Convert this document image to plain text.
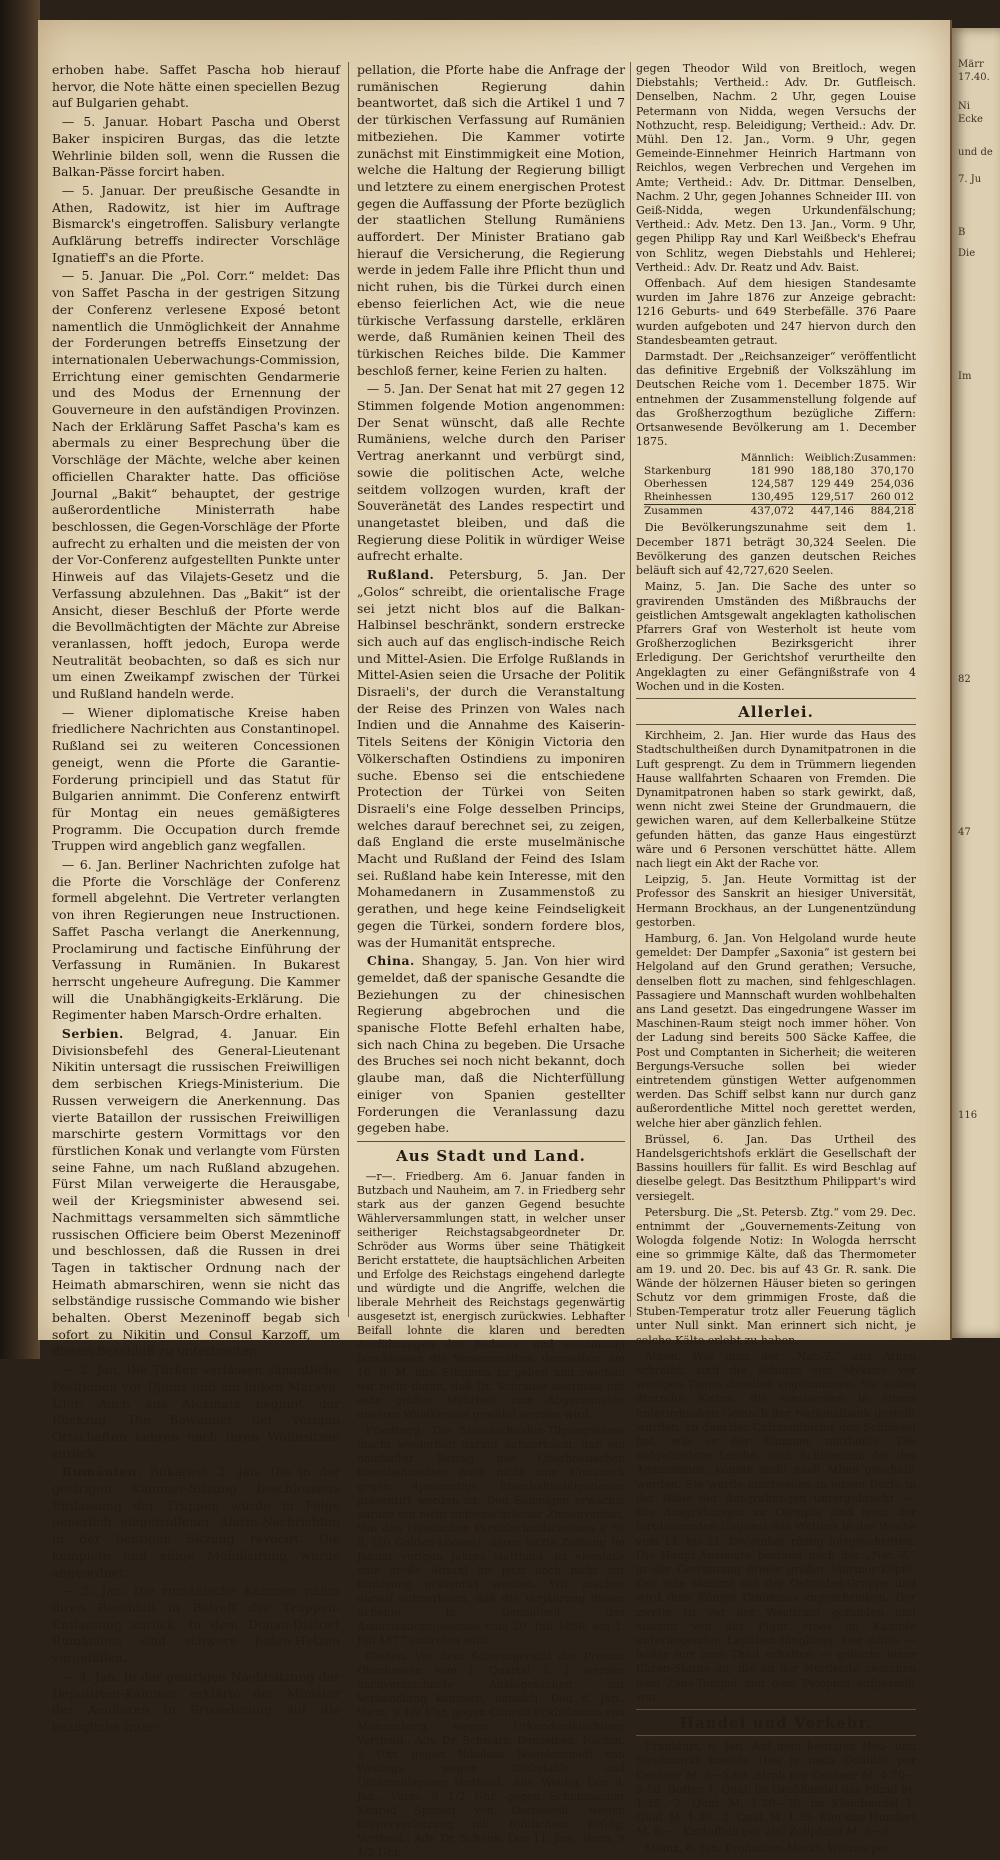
erhoben habe. Saffet Pascha hob hierauf hervor, die Note hätte einen speciellen Bezug auf Bulgarien gehabt.

— 5. Januar. Hobart Pascha und Oberst Baker inspiciren Burgas, das die letzte Wehrlinie bilden soll, wenn die Russen die Balkan-Pässe forcirt haben.

— 5. Januar. Der preußische Gesandte in Athen, Radowitz, ist hier im Auftrage Bismarck's eingetroffen. Salisbury verlangte Aufklärung betreffs indirecter Vorschläge Ignatieff's an die Pforte.

— 5. Januar. Die „Pol. Corr.“ meldet: Das von Saffet Pascha in der gestrigen Sitzung der Conferenz verlesene Exposé betont namentlich die Unmöglichkeit der Annahme der Forderungen betreffs Einsetzung der internationalen Ueberwachungs-Commission, Errichtung einer gemischten Gendarmerie und des Modus der Ernennung der Gouverneure in den aufständigen Provinzen. Nach der Erklärung Saffet Pascha's kam es abermals zu einer Besprechung über die Vorschläge der Mächte, welche aber keinen officiellen Charakter hatte. Das officiöse Journal „Bakit“ behauptet, der gestrige außerordentliche Ministerrath habe beschlossen, die Gegen-Vorschläge der Pforte aufrecht zu erhalten und die meisten der von der Vor-Conferenz aufgestellten Punkte unter Hinweis auf das Vilajets-Gesetz und die Verfassung abzulehnen. Das „Bakit“ ist der Ansicht, dieser Beschluß der Pforte werde die Bevollmächtigten der Mächte zur Abreise veranlassen, hofft jedoch, Europa werde Neutralität beobachten, so daß es sich nur um einen Zweikampf zwischen der Türkei und Rußland handeln werde.

— Wiener diplomatische Kreise haben friedlichere Nachrichten aus Constantinopel. Rußland sei zu weiteren Concessionen geneigt, wenn die Pforte die Garantie-Forderung principiell und das Statut für Bulgarien annimmt. Die Conferenz entwirft für Montag ein neues gemäßigteres Programm. Die Occupation durch fremde Truppen wird angeblich ganz wegfallen.

— 6. Jan. Berliner Nachrichten zufolge hat die Pforte die Vorschläge der Conferenz formell abgelehnt. Die Vertreter verlangten von ihren Regierungen neue Instructionen. Saffet Pascha verlangt die Anerkennung, Proclamirung und factische Einführung der Verfassung in Rumänien. In Bukarest herrscht ungeheure Aufregung. Die Kammer will die Unabhängigkeits-Erklärung. Die Regimenter haben Marsch-Ordre erhalten.

Serbien. Belgrad, 4. Januar. Ein Divisionsbefehl des General-Lieutenant Nikitin untersagt die russischen Freiwilligen dem serbischen Kriegs-Ministerium. Die Russen verweigern die Anerkennung. Das vierte Bataillon der russischen Freiwilligen marschirte gestern Vormittags vor den fürstlichen Konak und verlangte vom Fürsten seine Fahne, um nach Rußland abzugehen. Fürst Milan verweigerte die Herausgabe, weil der Kriegsminister abwesend sei. Nachmittags versammelten sich sämmtliche russischen Officiere beim Oberst Mezeninoff und beschlossen, daß die Russen in drei Tagen in taktischer Ordnung nach der Heimath abmarschiren, wenn sie nicht das selbständige russische Commando wie bisher behalten. Oberst Mezeninoff begab sich sofort zu Nikitin und Consul Karzoff, um diesen Beschluß zu unterbreiten.

— 2. Jan. Die Türken verlassen sämmtliche Positionen vor Djunis und am linken Marava-Ufer. Auch aus Alexinatz beginnt der Rückzug. Die Bewohner der vorigen Ortschaften kehren nach ihren Wohnsitzen zurück.

Rumänien. Bukarest, 2. Jan. Die in der gestrigen Kammer-Sitzung beschlossene Entlassung der Truppen wurde in Folge neuerlich eingetroffener Alarm-Nachrichten in der heutigen Sitzung revocirt. Die komplete und eilige Mobilisirung wurde angeordnet.

— 3. Jan. Die rumänische Kammer nahm ihren Beschluß in Betreff der Truppen-Entlassung zurück. In dem Donau-District Rumäniens sind schwere Juden-Hetzen vorgefallen.

— 4. Jan. In der gestrigen Nachtsitzung der Deputirten-Kammer erklärte der Minister des Aeußeren in Erwiederung auf die bezügliche Inter-

pellation, die Pforte habe die Anfrage der rumänischen Regierung dahin beantwortet, daß sich die Artikel 1 und 7 der türkischen Verfassung auf Rumänien mitbeziehen. Die Kammer votirte zunächst mit Einstimmigkeit eine Motion, welche die Haltung der Regierung billigt und letztere zu einem energischen Protest gegen die Auffassung der Pforte bezüglich der staatlichen Stellung Rumäniens auffordert. Der Minister Bratiano gab hierauf die Versicherung, die Regierung werde in jedem Falle ihre Pflicht thun und nicht ruhen, bis die Türkei durch einen ebenso feierlichen Act, wie die neue türkische Verfassung darstelle, erklären werde, daß Rumänien keinen Theil des türkischen Reiches bilde. Die Kammer beschloß ferner, keine Ferien zu halten.

— 5. Jan. Der Senat hat mit 27 gegen 12 Stimmen folgende Motion angenommen: Der Senat wünscht, daß alle Rechte Rumäniens, welche durch den Pariser Vertrag anerkannt und verbürgt sind, sowie die politischen Acte, welche seitdem vollzogen wurden, kraft der Souveränetät des Landes respectirt und unangetastet bleiben, und daß die Regierung diese Politik in würdiger Weise aufrecht erhalte.

Rußland. Petersburg, 5. Jan. Der „Golos“ schreibt, die orientalische Frage sei jetzt nicht blos auf die Balkan-Halbinsel beschränkt, sondern erstrecke sich auch auf das englisch-indische Reich und Mittel-Asien. Die Erfolge Rußlands in Mittel-Asien seien die Ursache der Politik Disraeli's, der durch die Veranstaltung der Reise des Prinzen von Wales nach Indien und die Annahme des Kaiserin-Titels Seitens der Königin Victoria den Völkerschaften Ostindiens zu imponiren suche. Ebenso sei die entschiedene Protection der Türkei von Seiten Disraeli's eine Folge desselben Princips, welches darauf berechnet sei, zu zeigen, daß England die erste muselmänische Macht und Rußland der Feind des Islam sei. Rußland habe kein Interesse, mit den Mohamedanern in Zusammenstoß zu gerathen, und hege keine Feindseligkeit gegen die Türkei, sondern fordere blos, was der Humanität entspreche.

China. Shangay, 5. Jan. Von hier wird gemeldet, daß der spanische Gesandte die Beziehungen zu der chinesischen Regierung abgebrochen und die spanische Flotte Befehl erhalten habe, sich nach China zu begeben. Die Ursache des Bruches sei noch nicht bekannt, doch glaube man, daß die Nichterfüllung einiger von Spanien gestellter Forderungen die Veranlassung dazu gegeben habe.

Aus Stadt und Land.

—r—. Friedberg. Am 6. Januar fanden in Butzbach und Nauheim, am 7. in Friedberg sehr stark aus der ganzen Gegend besuchte Wählerversammlungen statt, in welcher unser seitheriger Reichstagsabgeordneter Dr. Schröder aus Worms über seine Thätigkeit Bericht erstattete, die hauptsächlichen Arbeiten und Erfolge des Reichstags eingehend darlegte und würdigte und die Angriffe, welchen die liberale Mehrheit des Reichstags gegenwärtig ausgesetzt ist, energisch zurückwies. Lebhafter Beifall lohnte die klaren und beredten Ausführungen des Redners, und einstimmig beschlossen die Versammelten, demselben am 10. d. M. ihre Stimmen zu geben und zweifeln wir nicht daran, daß Dr. Schröder abermals mit sehr großer Mehrheit zum Abgeordneten unseres Wahlkreises gewählt werden wird.

Friedberg. Die Staatsschulden-Tilgungskasse macht wiederholt darauf aufmerksam, daß ein namhafter Betrag der Oberhessischen Eisenbahnactien noch nicht zum Umtausch gegen 4procentige Eisenbahnobligationen präsentirt worden ist. Den Säumigen erwächst daraus ein nicht unbeträchtlicher Zinsenverlust. Von den Hessischen Partialschuldscheinen à 50 fl. (50 Gulden-Loosen), deren letzte Ziehung im Januar vorigen Jahres stattfand, ist ebenfalls eine große Anzahl bis jetzt noch nicht zur Einlösung präsentirt worden. Wir machen darauf aufmerksam, daß die Verjährung dieser Scheine in Gemäßheit des Amortisationsgesetzes vom 20. Juli 1858, am 1. Juli 1877 eintreten wird.

Gießen. Vor dem Schwurgericht der Provinz Oberhessen vom I. Quartal 1. J. werden nachverzeichnete Anklagesachen zur Verhandlung kommen, nämlich: Den 8. Jan., Vorm. 9 1/2 Uhr, gegen Conrad Eckhelmann von Münzenberg, wegen Urkundenfälschung; Vertheid.: Adv. Dr. Schwarz. Denselben, Nachm. 2 Uhr, gegen Nikolaus Nagelschmidt von Wenings, wegen Diebstahls und Unterschlagung; Vertheid.: Adv. Weidig. Den 9. Jan., Vorm. 9 1/2 Uhr, gegen Schuhmacher Konrad Spamer von Dortelweil, wegen Körperverletzung mit tödtlichem Erfolg; Vertheid.: Adv. Dr. Scheim. Den 11. Jan., Vorm. 9 1/2 Uhr,

gegen Theodor Wild von Breitloch, wegen Diebstahls; Vertheid.: Adv. Dr. Gutfleisch. Denselben, Nachm. 2 Uhr, gegen Louise Petermann von Nidda, wegen Versuchs der Nothzucht, resp. Beleidigung; Vertheid.: Adv. Dr. Mühl. Den 12. Jan., Vorm. 9 Uhr, gegen Gemeinde-Einnehmer Heinrich Hartmann von Reichlos, wegen Verbrechen und Vergehen im Amte; Vertheid.: Adv. Dr. Dittmar. Denselben, Nachm. 2 Uhr, gegen Johannes Schneider III. von Geiß-Nidda, wegen Urkundenfälschung; Vertheid.: Adv. Metz. Den 13. Jan., Vorm. 9 Uhr, gegen Philipp Ray und Karl Weißbeck's Ehefrau von Schlitz, wegen Diebstahls und Hehlerei; Vertheid.: Adv. Dr. Reatz und Adv. Baist.

Offenbach. Auf dem hiesigen Standesamte wurden im Jahre 1876 zur Anzeige gebracht: 1216 Geburts- und 649 Sterbefälle. 376 Paare wurden aufgeboten und 247 hiervon durch den Standesbeamten getraut.

Darmstadt. Der „Reichsanzeiger“ veröffentlicht das definitive Ergebniß der Volkszählung im Deutschen Reiche vom 1. December 1875. Wir entnehmen der Zusammenstellung folgende auf das Großherzogthum bezügliche Ziffern: Ortsanwesende Bevölkerung am 1. December 1875.

Männlich:	Weiblich: Zusammen:
Starkenburg	181 990	188,180	370,170
Oberhessen	124,587	129 449	254,036
Rheinhessen	130,495	129,517	260 012
Zusammen	437,072	447,146	884,218

Die Bevölkerungszunahme seit dem 1. December 1871 beträgt 30,324 Seelen. Die Bevölkerung des ganzen deutschen Reiches beläuft sich auf 42,727,620 Seelen.

Mainz, 5. Jan. Die Sache des unter so gravirenden Umständen des Mißbrauchs der geistlichen Amtsgewalt angeklagten katholischen Pfarrers Graf von Westerholt ist heute vom Großherzoglichen Bezirksgericht ihrer Erledigung. Der Gerichtshof verurtheilte den Angeklagten zu einer Gefängnißstrafe von 4 Wochen und in die Kosten.

Allerlei.

Kirchheim, 2. Jan. Hier wurde das Haus des Stadtschultheißen durch Dynamitpatronen in die Luft gesprengt. Zu dem in Trümmern liegenden Hause wallfahrten Schaaren von Fremden. Die Dynamitpatronen haben so stark gewirkt, daß, wenn nicht zwei Steine der Grundmauern, die gewichen waren, auf dem Kellerbalkeine Stütze gefunden hätten, das ganze Haus eingestürzt wäre und 6 Personen verschüttet hätte. Allem nach liegt ein Akt der Rache vor.

Leipzig, 5. Jan. Heute Vormittag ist der Professor des Sanskrit an hiesiger Universität, Hermann Brockhaus, an der Lungenentzündung gestorben.

Hamburg, 6. Jan. Von Helgoland wurde heute gemeldet: Der Dampfer „Saxonia“ ist gestern bei Helgoland auf den Grund gerathen; Versuche, denselben flott zu machen, sind fehlgeschlagen. Passagiere und Mannschaft wurden wohlbehalten ans Land gesetzt. Das eingedrungene Wasser im Maschinen-Raum steigt noch immer höher. Von der Ladung sind bereits 500 Säcke Kaffee, die Post und Comptanten in Sicherheit; die weiteren Bergungs-Versuche sollen bei wieder eintretendem günstigen Wetter aufgenommen werden. Das Schiff selbst kann nur durch ganz außerordentliche Mittel noch gerettet werden, welche hier aber gänzlich fehlen.

Brüssel, 6. Jan. Das Urtheil des Handelsgerichtshofs erklärt die Gesellschaft der Bassins houillers für fallit. Es wird Beschlag auf dieselbe gelegt. Das Besitzthum Philippart's wird versiegelt.

Petersburg. Die „St. Petersb. Ztg.“ vom 29. Dec. entnimmt der „Gouvernements-Zeitung von Wologda folgende Notiz: In Wologda herrscht eine so grimmige Kälte, daß das Thermometer am 19. und 20. Dec. bis auf 43 Gr. R. sank. Die Wände der hölzernen Häuser bieten so geringen Schutz vor dem grimmigen Froste, daß die Stuben-Temperatur trotz aller Feuerung täglich unter Null sinkt. Man erinnert sich nicht, je solche Kälte erlebt zu haben.

Athen. Wie man der „Nat.-Z.“ aus Athen schreibt, sind die Schätze von Mykene vor wenigen Tagen daselbst angekommen. Sie sollen dreizehn Kisten, die einstweilen in einem unterirdischen Gemach der Nationalbank gestellt wurden, zu dem der Cultusminister den Schlüssel hat, wie er der Kammer mittheilte. Die aufgefundene Leiche, nach Schliemann der des Agamemnon, konnte nicht nach Athen geschafft werden. Sie wurde einstweilen in einem Dorfe in der Nähe der Ausgrabungen untergebracht. — Die Ausgrabungen zu Olympia sind trotz der fortdauernden Ungunst des Wetters in der Woche vom 14. bis 21. December rüstig fortgeschritten. Die Haupt-Ausbeute bestand nach der „Nat.-Z.“ in der Gewinnung dreier großer Marmor-Köpfe. Der eine stammt aus der Ostgiebel-Gruppe und wird dem Könige Oinomaos zugeschrieben. Der zweite ist vor der Westfront gefunden und stammt von der Figur eines im Kampfe unterliegenden Lapithen-Jünglings. Der dritte — leider nur zum Theil erhalten — gehörte einer Ehren-Statue an, die an der Nordseite zwischen dem Zeus-Tempel und dem Pelopion aufgestellt war.

Handel und Verkehr.

Frankfurt, 6. Jan. Auf dem heutigen Heu- und Strohmarkt kostete Heu je nach Qualität per Centner M. 5—5.60. Stroh per Centner M. 4.70—5.50. Butter 1. Qual. im Großhandel das Pfund M. 1.35., 2. Qual. M. 1.20—30, im Kleinhandel 1. Qual. M. 1.40., 2. Qual. M. 1.35. Eier das Hundert M. 6.—. Kartoffeln per 200 Zollpfund M. 5—6.

Mainz, 6. Jan. Producten-Markt. Waizen per

Märr
17.40.
Ni
Ecke
und de
7. Ju
B
Die
Im
82
47
116
